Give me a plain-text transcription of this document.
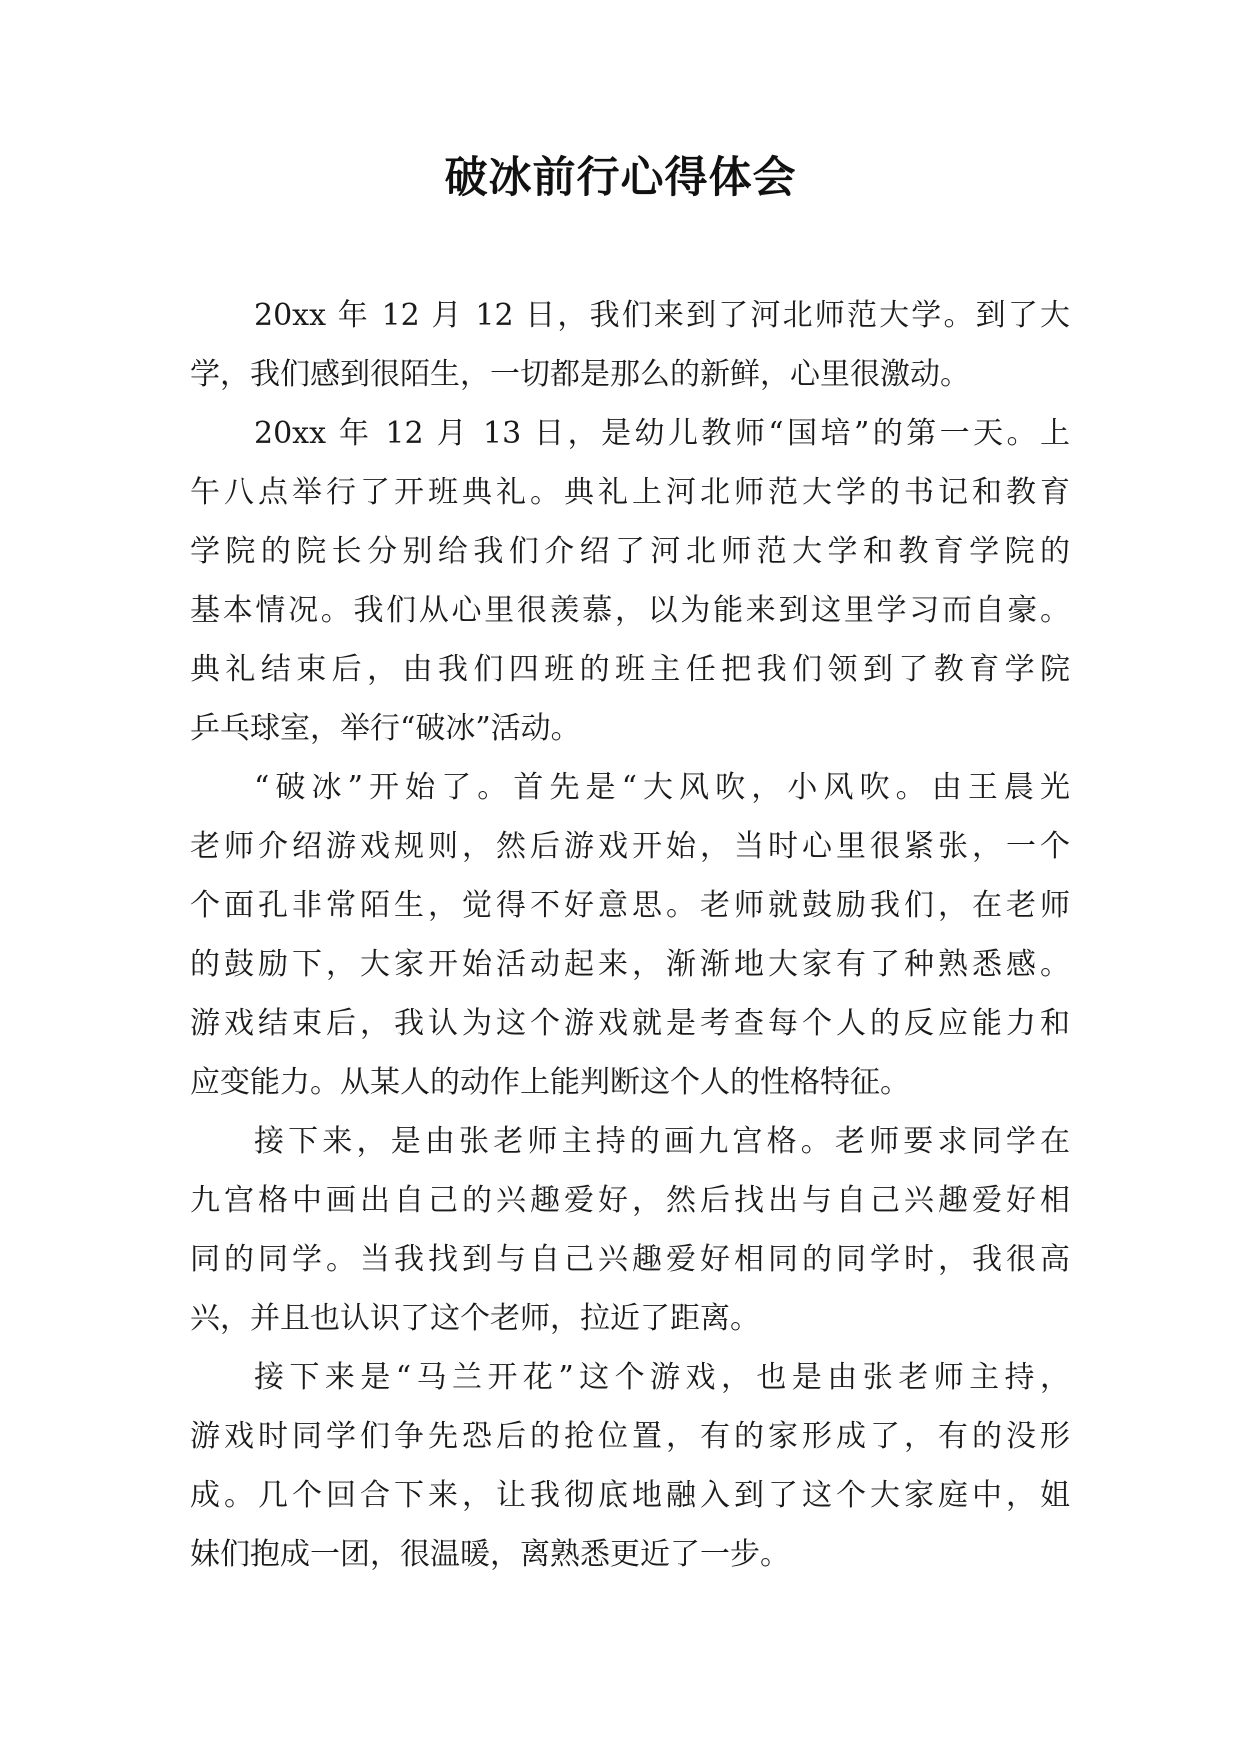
破冰前行心得体会
20xx 年 12 月 12 日，我们来到了河北师范大学。到了大
学，我们感到很陌生，一切都是那么的新鲜，心里很激动。
20xx 年 12 月 13 日，是幼儿教师“国培”的第一天。上
午八点举行了开班典礼。典礼上河北师范大学的书记和教育
学院的院长分别给我们介绍了河北师范大学和教育学院的
基本情况。我们从心里很羡慕，以为能来到这里学习而自豪。
典礼结束后，由我们四班的班主任把我们领到了教育学院
乒乓球室，举行“破冰”活动。
“破冰”开始了。首先是“大风吹，小风吹。由王晨光
老师介绍游戏规则，然后游戏开始，当时心里很紧张，一个
个面孔非常陌生，觉得不好意思。老师就鼓励我们，在老师
的鼓励下，大家开始活动起来，渐渐地大家有了种熟悉感。
游戏结束后，我认为这个游戏就是考查每个人的反应能力和
应变能力。从某人的动作上能判断这个人的性格特征。
接下来，是由张老师主持的画九宫格。老师要求同学在
九宫格中画出自己的兴趣爱好，然后找出与自己兴趣爱好相
同的同学。当我找到与自己兴趣爱好相同的同学时，我很高
兴，并且也认识了这个老师，拉近了距离。
接下来是“马兰开花”这个游戏，也是由张老师主持，
游戏时同学们争先恐后的抢位置，有的家形成了，有的没形
成。几个回合下来，让我彻底地融入到了这个大家庭中，姐
妹们抱成一团，很温暖，离熟悉更近了一步。
